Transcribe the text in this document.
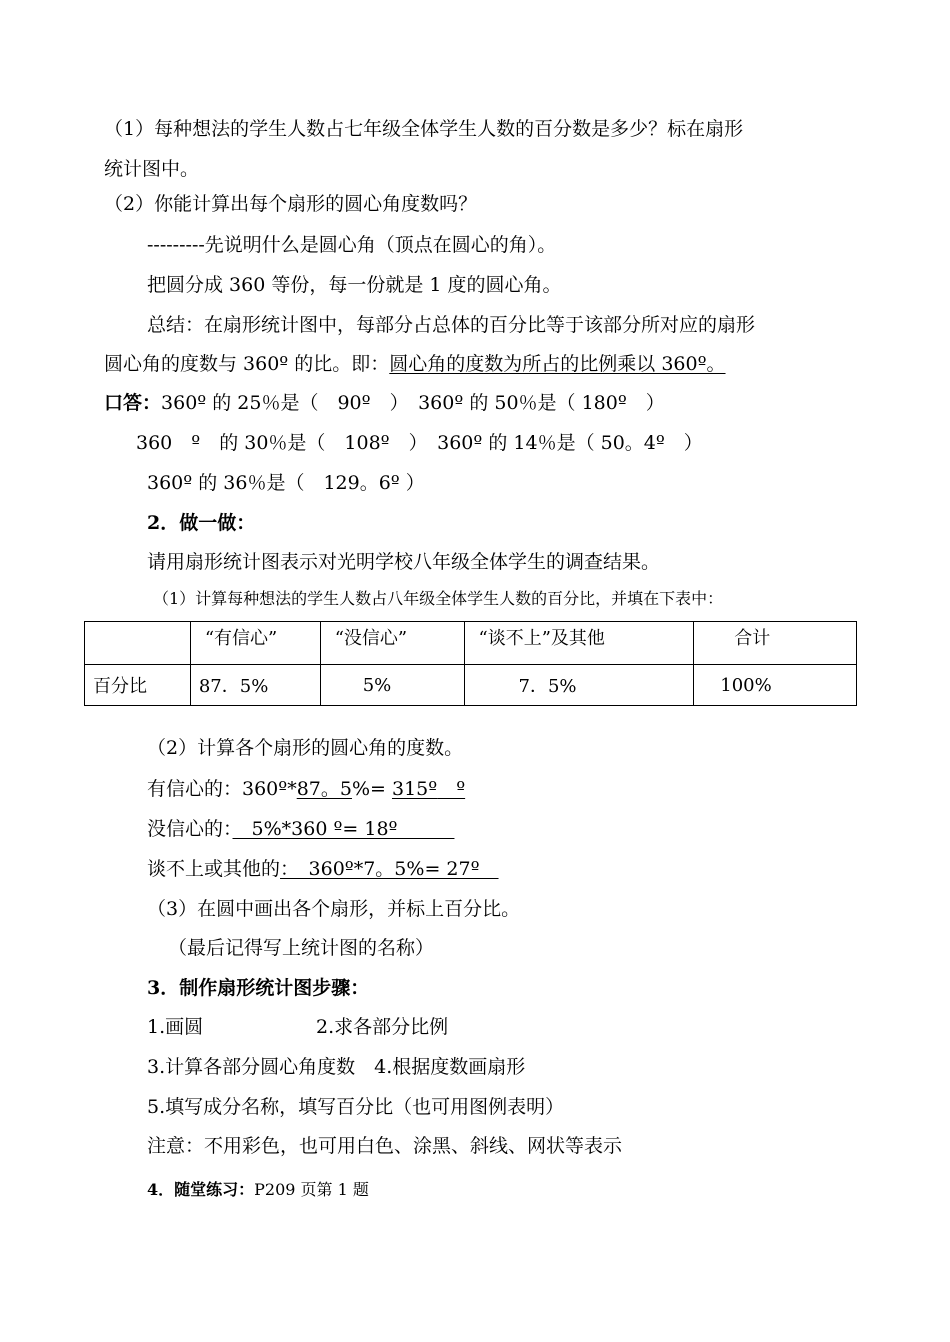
（1）每种想法的学生人数占七年级全体学生人数的百分数是多少？标在扇形
统计图中。
（2）你能计算出每个扇形的圆心角度数吗？
---------先说明什么是圆心角（顶点在圆心的角）。
把圆分成 360 等份，每一份就是 1 度的圆心角。
总结：在扇形统计图中，每部分占总体的百分比等于该部分所对应的扇形
圆心角的度数与 360º 的比。即：圆心角的度数为所占的比例乘以 360º。
口答：360º 的 25％是（　90º　）　360º 的 50％是（ 180º　）
360　º　的 30％是（　108º　）　360º 的 14％是（ 50。4º　）
360º 的 36％是（　129。6º ）
2．做一做：
请用扇形统计图表示对光明学校八年级全体学生的调查结果。
（1）计算每种想法的学生人数占八年级全体学生人数的百分比，并填在下表中：
	“有信心”	“没信心”	“谈不上”及其他	合计
百分比	87．5%	5%	7．5%	100%
（2）计算各个扇形的圆心角的度数。
有信心的：360º*87。5%= 315º　º
没信心的：　5%*360 º= 18º　　　
谈不上或其他的：　360º*7。5%= 27º　
（3）在圆中画出各个扇形，并标上百分比。
（最后记得写上统计图的名称）
3．制作扇形统计图步骤：
1.画圆	2.求各部分比例
3.计算各部分圆心角度数　4.根据度数画扇形
5.填写成分名称，填写百分比（也可用图例表明）
注意：不用彩色，也可用白色、涂黑、斜线、网状等表示
4．随堂练习：P209 页第 1 题
